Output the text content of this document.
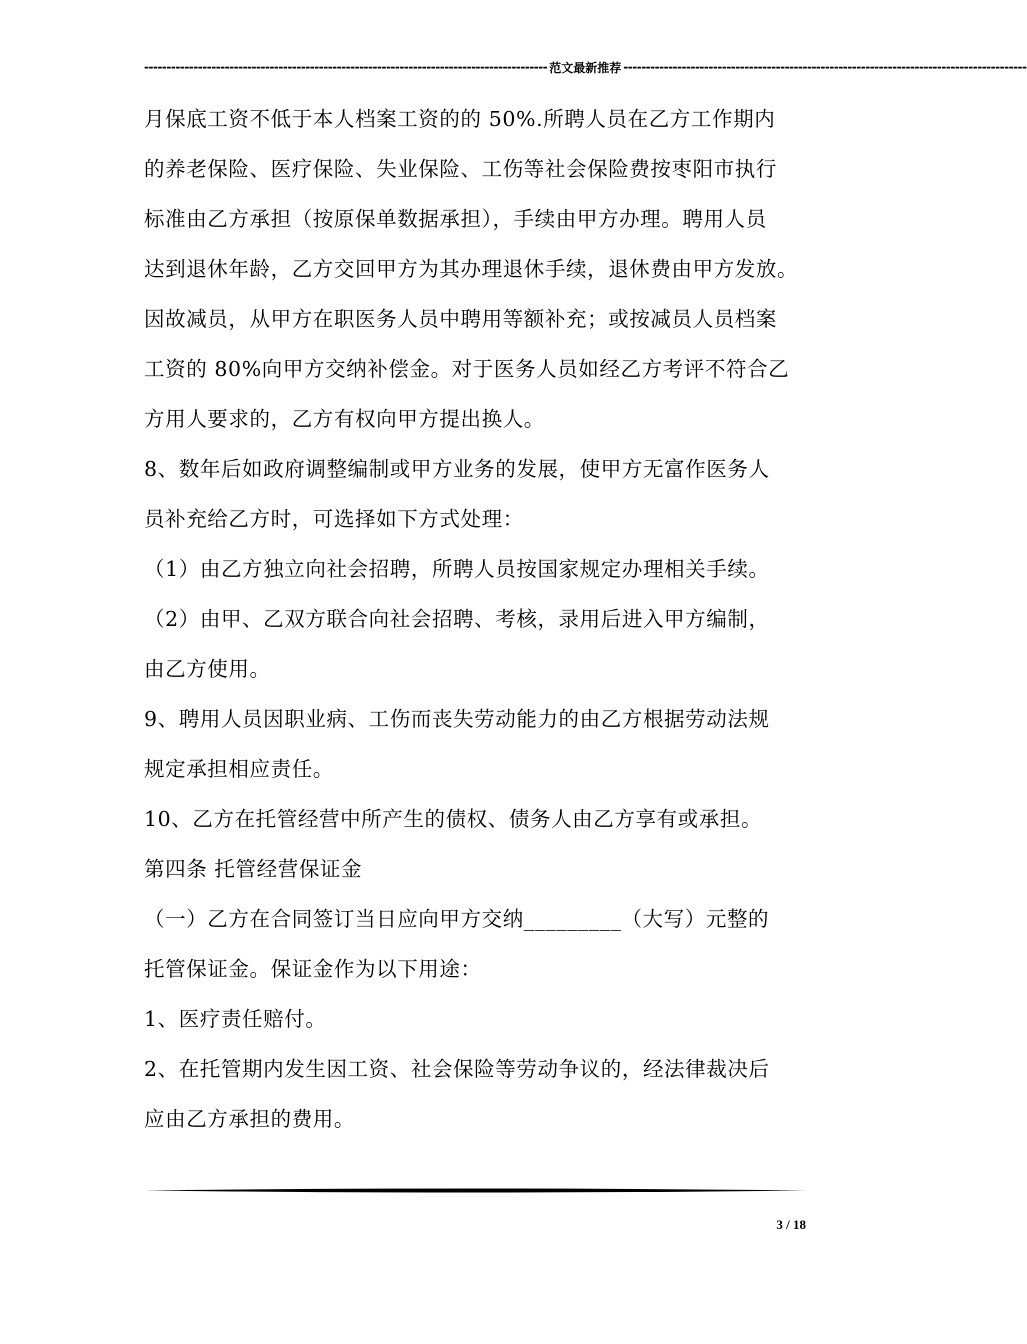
------------------------------------------------------------------------------------------ 范文最新推荐 ------------------------------------------------------------------------------------------
月保底工资不低于本人档案工资的的 50%.所聘人员在乙方工作期内
的养老保险、医疗保险、失业保险、工伤等社会保险费按枣阳市执行
标准由乙方承担（按原保单数据承担），手续由甲方办理。聘用人员
达到退休年龄，乙方交回甲方为其办理退休手续，退休费由甲方发放。
因故减员，从甲方在职医务人员中聘用等额补充；或按减员人员档案
工资的 80%向甲方交纳补偿金。对于医务人员如经乙方考评不符合乙
方用人要求的，乙方有权向甲方提出换人。
8、数年后如政府调整编制或甲方业务的发展，使甲方无富作医务人
员补充给乙方时，可选择如下方式处理：
（1）由乙方独立向社会招聘，所聘人员按国家规定办理相关手续。
（2）由甲、乙双方联合向社会招聘、考核，录用后进入甲方编制，
由乙方使用。
9、聘用人员因职业病、工伤而丧失劳动能力的由乙方根据劳动法规
规定承担相应责任。
10、乙方在托管经营中所产生的债权、债务人由乙方享有或承担。
第四条 托管经营保证金
（一）乙方在合同签订当日应向甲方交纳_________（大写）元整的
托管保证金。保证金作为以下用途：
1、医疗责任赔付。
2、在托管期内发生因工资、社会保险等劳动争议的，经法律裁决后
应由乙方承担的费用。
3 / 18
